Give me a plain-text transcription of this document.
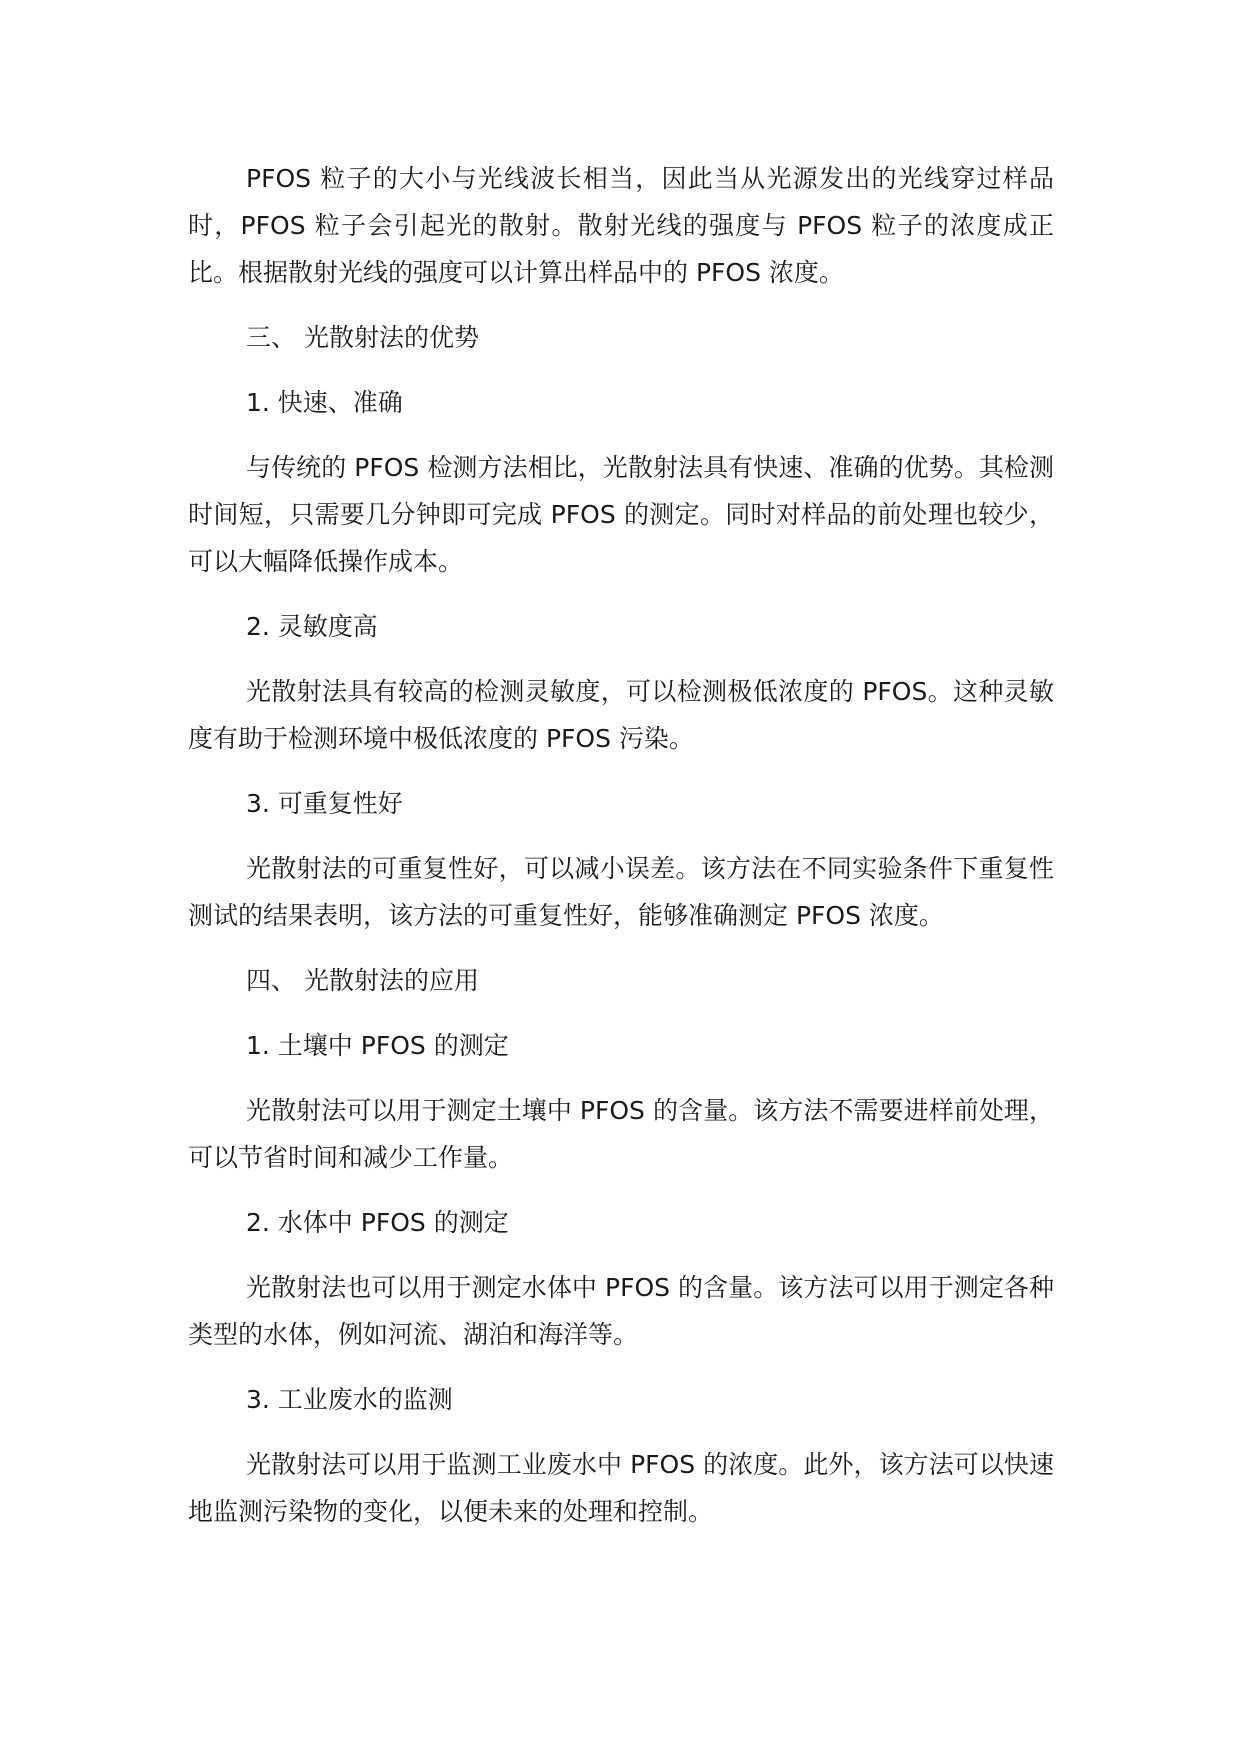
PFOS 粒子的大小与光线波长相当，因此当从光源发出的光线穿过样品时，PFOS 粒子会引起光的散射。散射光线的强度与 PFOS 粒子的浓度成正比。根据散射光线的强度可以计算出样品中的 PFOS 浓度。

三、 光散射法的优势

1. 快速、准确

与传统的 PFOS 检测方法相比，光散射法具有快速、准确的优势。其检测时间短，只需要几分钟即可完成 PFOS 的测定。同时对样品的前处理也较少，可以大幅降低操作成本。

2. 灵敏度高

光散射法具有较高的检测灵敏度，可以检测极低浓度的 PFOS。这种灵敏度有助于检测环境中极低浓度的 PFOS 污染。

3. 可重复性好

光散射法的可重复性好，可以减小误差。该方法在不同实验条件下重复性测试的结果表明，该方法的可重复性好，能够准确测定 PFOS 浓度。

四、 光散射法的应用

1. 土壤中 PFOS 的测定

光散射法可以用于测定土壤中 PFOS 的含量。该方法不需要进样前处理，可以节省时间和减少工作量。

2. 水体中 PFOS 的测定

光散射法也可以用于测定水体中 PFOS 的含量。该方法可以用于测定各种类型的水体，例如河流、湖泊和海洋等。

3. 工业废水的监测

光散射法可以用于监测工业废水中 PFOS 的浓度。此外，该方法可以快速地监测污染物的变化，以便未来的处理和控制。
